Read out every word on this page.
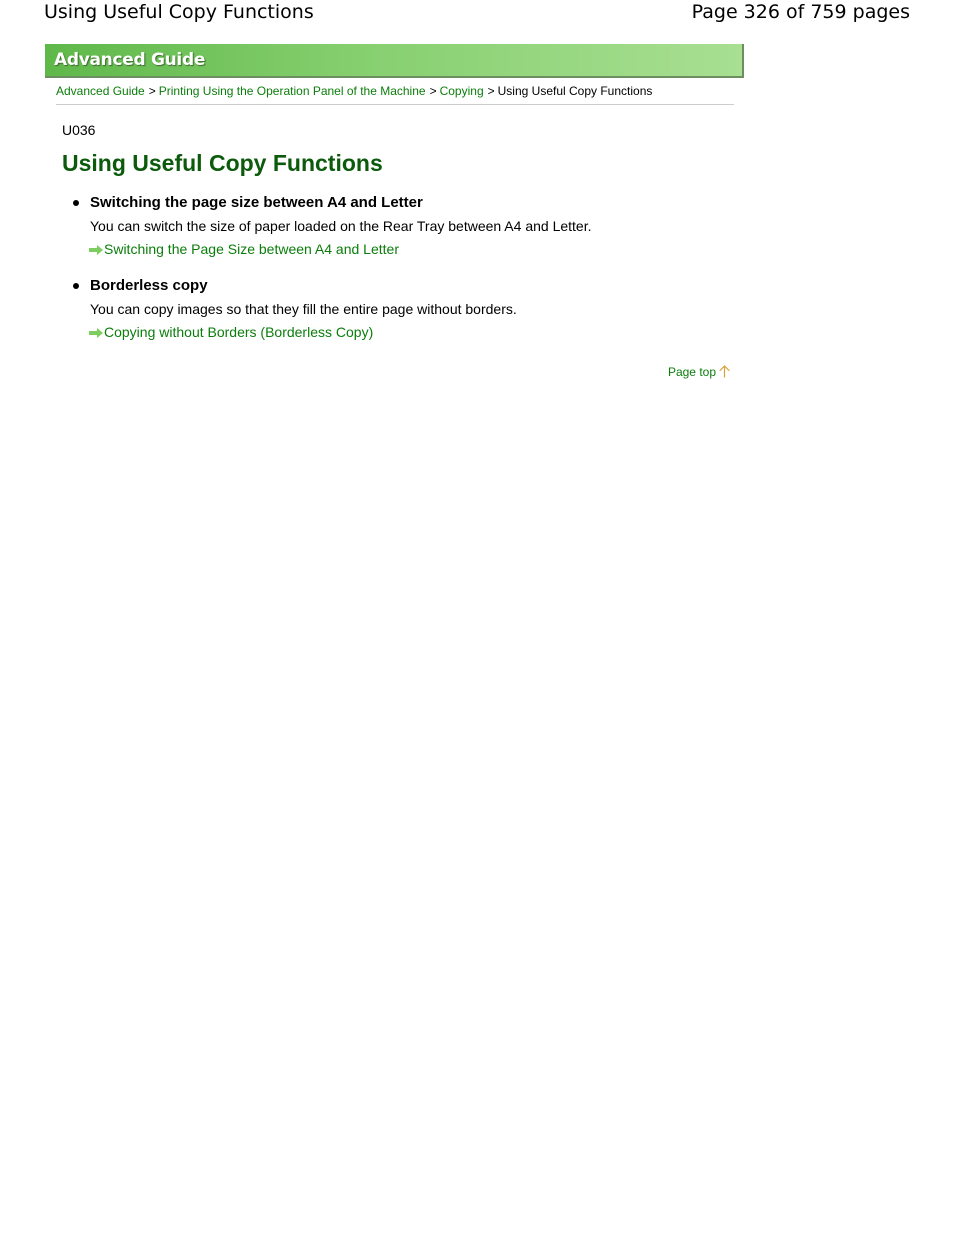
Using Useful Copy Functions	Page 326 of 759 pages
Advanced Guide
Advanced Guide > Printing Using the Operation Panel of the Machine > Copying > Using Useful Copy Functions
U036
Using Useful Copy Functions
Switching the page size between A4 and Letter
You can switch the size of paper loaded on the Rear Tray between A4 and Letter.
Switching the Page Size between A4 and Letter
Borderless copy
You can copy images so that they fill the entire page without borders.
Copying without Borders (Borderless Copy)
Page top
